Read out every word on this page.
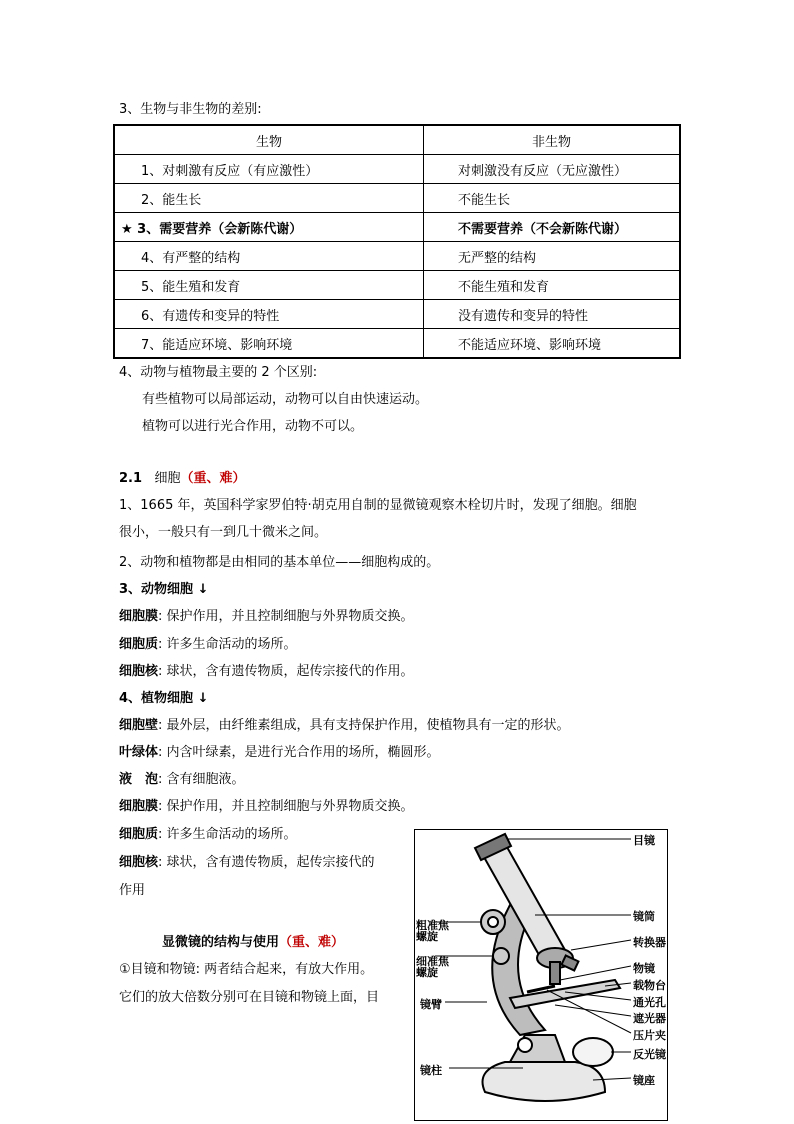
3、生物与非生物的差别:
生物	非生物
1、对刺激有反应（有应激性）	对刺激没有反应（无应激性）
2、能生长	不能生长
★ 3、需要营养（会新陈代谢）	不需要营养（不会新陈代谢）
4、有严整的结构	无严整的结构
5、能生殖和发育	不能生殖和发育
6、有遗传和变异的特性	没有遗传和变异的特性
7、能适应环境、影响环境	不能适应环境、影响环境
4、动物与植物最主要的 2 个区别:
有些植物可以局部运动，动物可以自由快速运动。
植物可以进行光合作用，动物不可以。
2.1 细胞（重、难）
1、1665 年，英国科学家罗伯特·胡克用自制的显微镜观察木栓切片时，发现了细胞。细胞
很小，一般只有一到几十微米之间。
2、动物和植物都是由相同的基本单位——细胞构成的。
3、动物细胞 ↓
细胞膜: 保护作用，并且控制细胞与外界物质交换。
细胞质: 许多生命活动的场所。
细胞核: 球状，含有遗传物质，起传宗接代的作用。
4、植物细胞 ↓
细胞壁: 最外层，由纤维素组成，具有支持保护作用，使植物具有一定的形状。
叶绿体: 内含叶绿素，是进行光合作用的场所，椭圆形。
液　泡: 含有细胞液。
细胞膜: 保护作用，并且控制细胞与外界物质交换。
细胞质: 许多生命活动的场所。
细胞核: 球状，含有遗传物质，起传宗接代的
作用
显微镜的结构与使用（重、难）
①目镜和物镜: 两者结合起来，有放大作用。
它们的放大倍数分别可在目镜和物镜上面，目
目镜
镜筒
粗准焦
螺旋	转换器
细准焦
螺旋	物镜
载物台
镜臂	通光孔
遮光器
压片夹
反光镜
镜柱
镜座
